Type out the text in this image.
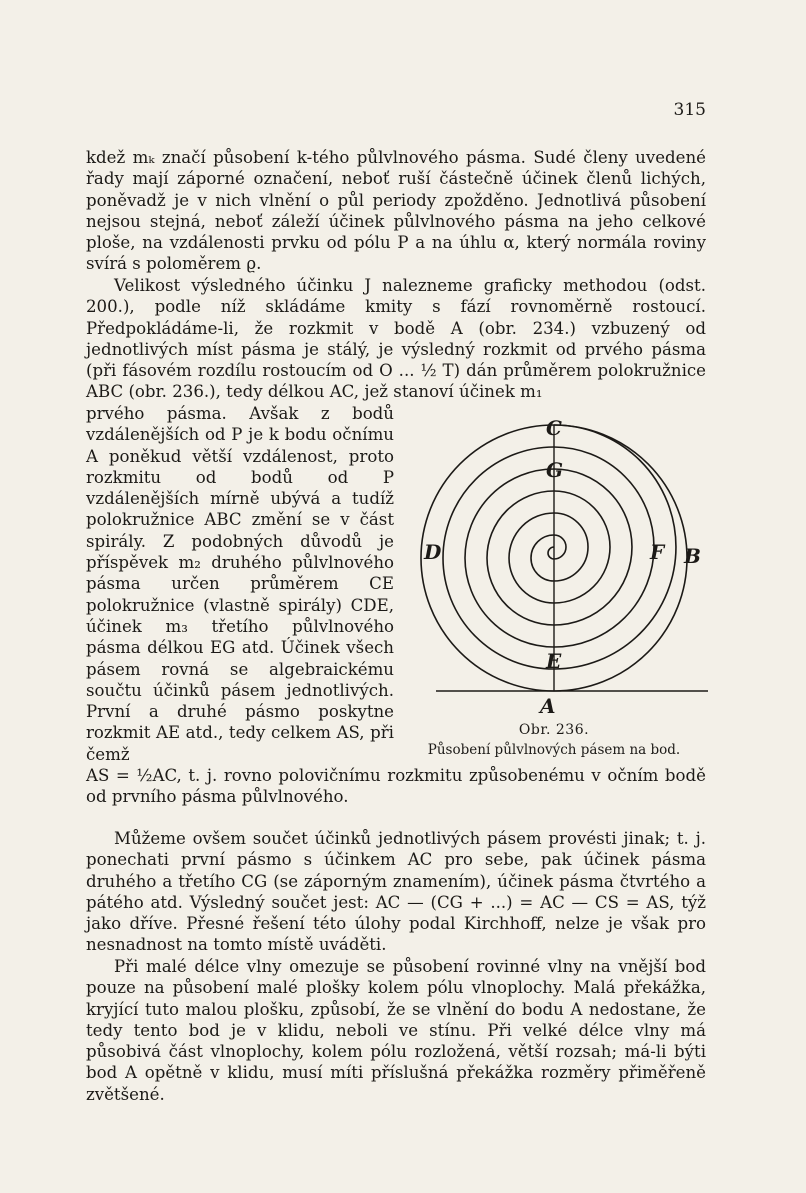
315

kdež mₖ značí působení k-tého půlvlnového pásma. Sudé členy uvedené řady mají záporné označení, neboť ruší částečně účinek členů lichých, poněvadž je v nich vlnění o půl periody zpožděno. Jednotlivá působení nejsou stejná, neboť záleží účinek půlvlnového pásma na jeho celkové ploše, na vzdálenosti prvku od pólu P a na úhlu α, který normála roviny svírá s poloměrem ϱ.

Velikost výsledného účinku J nalezneme graficky methodou (odst. 200.), podle níž skládáme kmity s fází rovnoměrně rostoucí. Předpokládáme-li, že rozkmit v bodě A (obr. 234.) vzbuzený od jednotlivých míst pásma je stálý, je výsledný rozkmit od prvého pásma (při fásovém rozdílu rostoucím od O ... ½ T) dán průměrem polokružnice ABC (obr. 236.), tedy délkou AC, jež stanoví účinek m₁

prvého pásma. Avšak z bodů vzdálenějších od P je k bodu očnímu A poněkud větší vzdálenost, proto rozkmitu od bodů od P vzdálenějších mírně ubývá a tudíž polokružnice ABC změní se v část spirály. Z podobných důvodů je příspěvek m₂ druhého půlvlnového pásma určen průměrem CE polokružnice (vlastně spirály) CDE, účinek m₃ třetího půlvlnového pásma délkou EG atd. Účinek všech pásem rovná se algebraickému součtu účinků pásem jednotlivých. První a druhé pásmo poskytne rozkmit AE atd., tedy celkem AS, při čemž

AS = ½AC, t. j. rovno polovičnímu rozkmitu způsobenému v očním bodě od prvního pásma půlvlnového.

Můžeme ovšem součet účinků jednotlivých pásem provésti jinak; t. j. ponechati první pásmo s účinkem AC pro sebe, pak účinek pásma druhého a třetího CG (se záporným znamením), účinek pásma čtvrtého a pátého atd. Výsledný součet jest: AC — (CG + ...) = AC — CS = AS, týž jako dříve. Přesné řešení této úlohy podal Kirchhoff, nelze je však pro nesnadnost na tomto místě uváděti.

Při malé délce vlny omezuje se působení rovinné vlny na vnější bod pouze na působení malé plošky kolem pólu vlnoplochy. Malá překážka, kryjící tuto malou plošku, způsobí, že se vlnění do bodu A nedostane, že tedy tento bod je v klidu, neboli ve stínu. Při velké délce vlny má působivá část vlnoplochy, kolem pólu rozložená, větší rozsah; má-li býti bod A opětně v klidu, musí míti příslušná překážka rozměry přiměřeně zvětšené.

C
G
D	F B
E
A
Obr. 236.
Působení půlvlnových pásem na bod.
